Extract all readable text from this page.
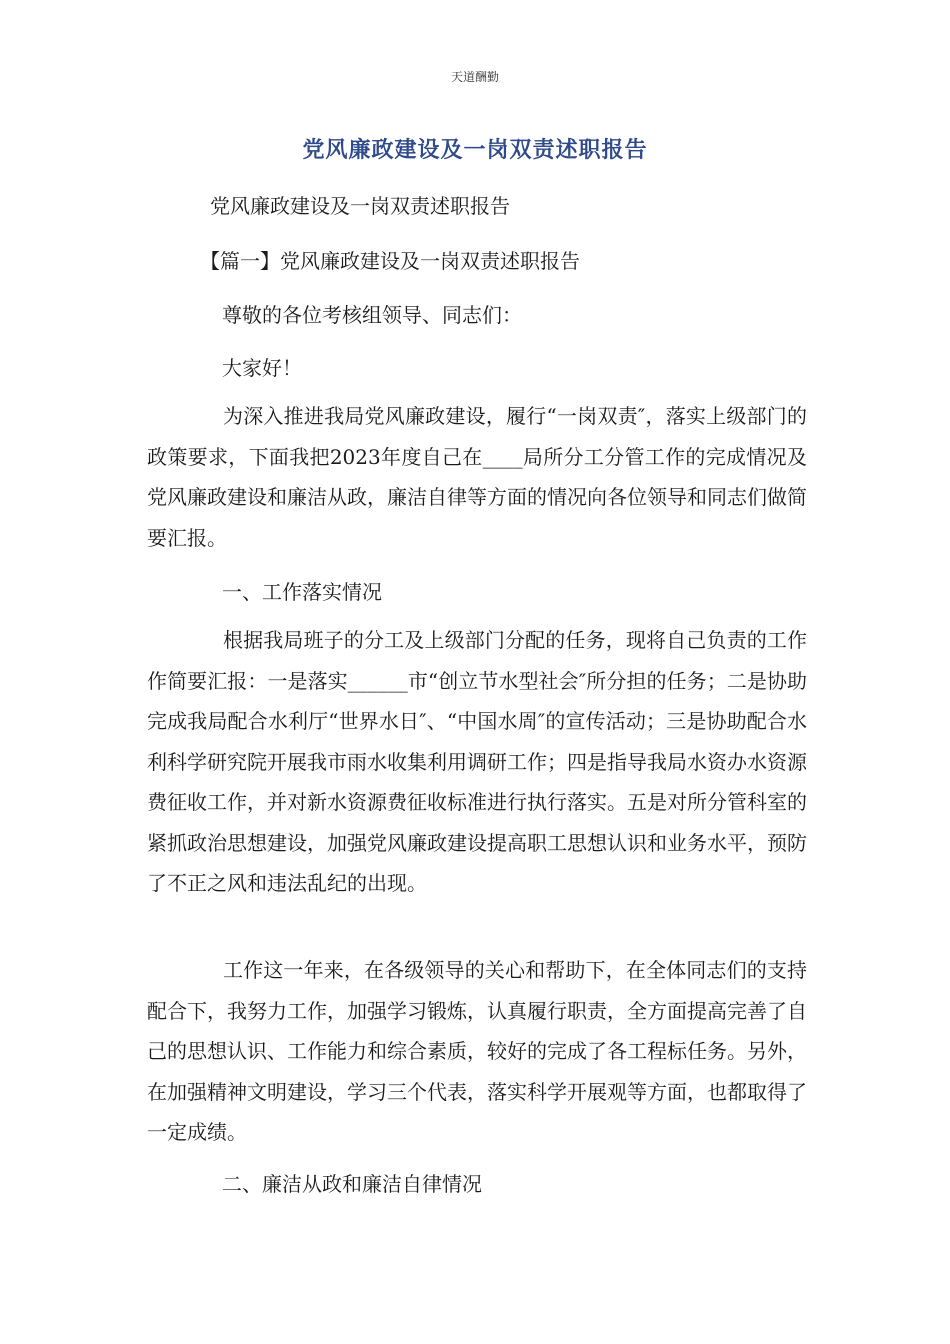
天道酬勤
党风廉政建设及一岗双责述职报告
党风廉政建设及一岗双责述职报告
【篇一】党风廉政建设及一岗双责述职报告
尊敬的各位考核组领导、同志们：
大家好！
为深入推进我局党风廉政建设，履行“一岗双责″，落实上级部门的政策要求，下面我把2023年度自己在____局所分工分管工作的完成情况及党风廉政建设和廉洁从政，廉洁自律等方面的情况向各位领导和同志们做简要汇报。
一、工作落实情况
根据我局班子的分工及上级部门分配的任务，现将自己负责的工作作简要汇报：一是落实______市“创立节水型社会″所分担的任务；二是协助完成我局配合水利厅“世界水日″、“中国水周″的宣传活动；三是协助配合水利科学研究院开展我市雨水收集利用调研工作；四是指导我局水资办水资源费征收工作，并对新水资源费征收标准进行执行落实。五是对所分管科室的紧抓政治思想建设，加强党风廉政建设提高职工思想认识和业务水平，预防了不正之风和违法乱纪的出现。
工作这一年来，在各级领导的关心和帮助下，在全体同志们的支持配合下，我努力工作，加强学习锻炼，认真履行职责，全方面提高完善了自己的思想认识、工作能力和综合素质，较好的完成了各工程标任务。另外，在加强精神文明建设，学习三个代表，落实科学开展观等方面，也都取得了一定成绩。
二、廉洁从政和廉洁自律情况
